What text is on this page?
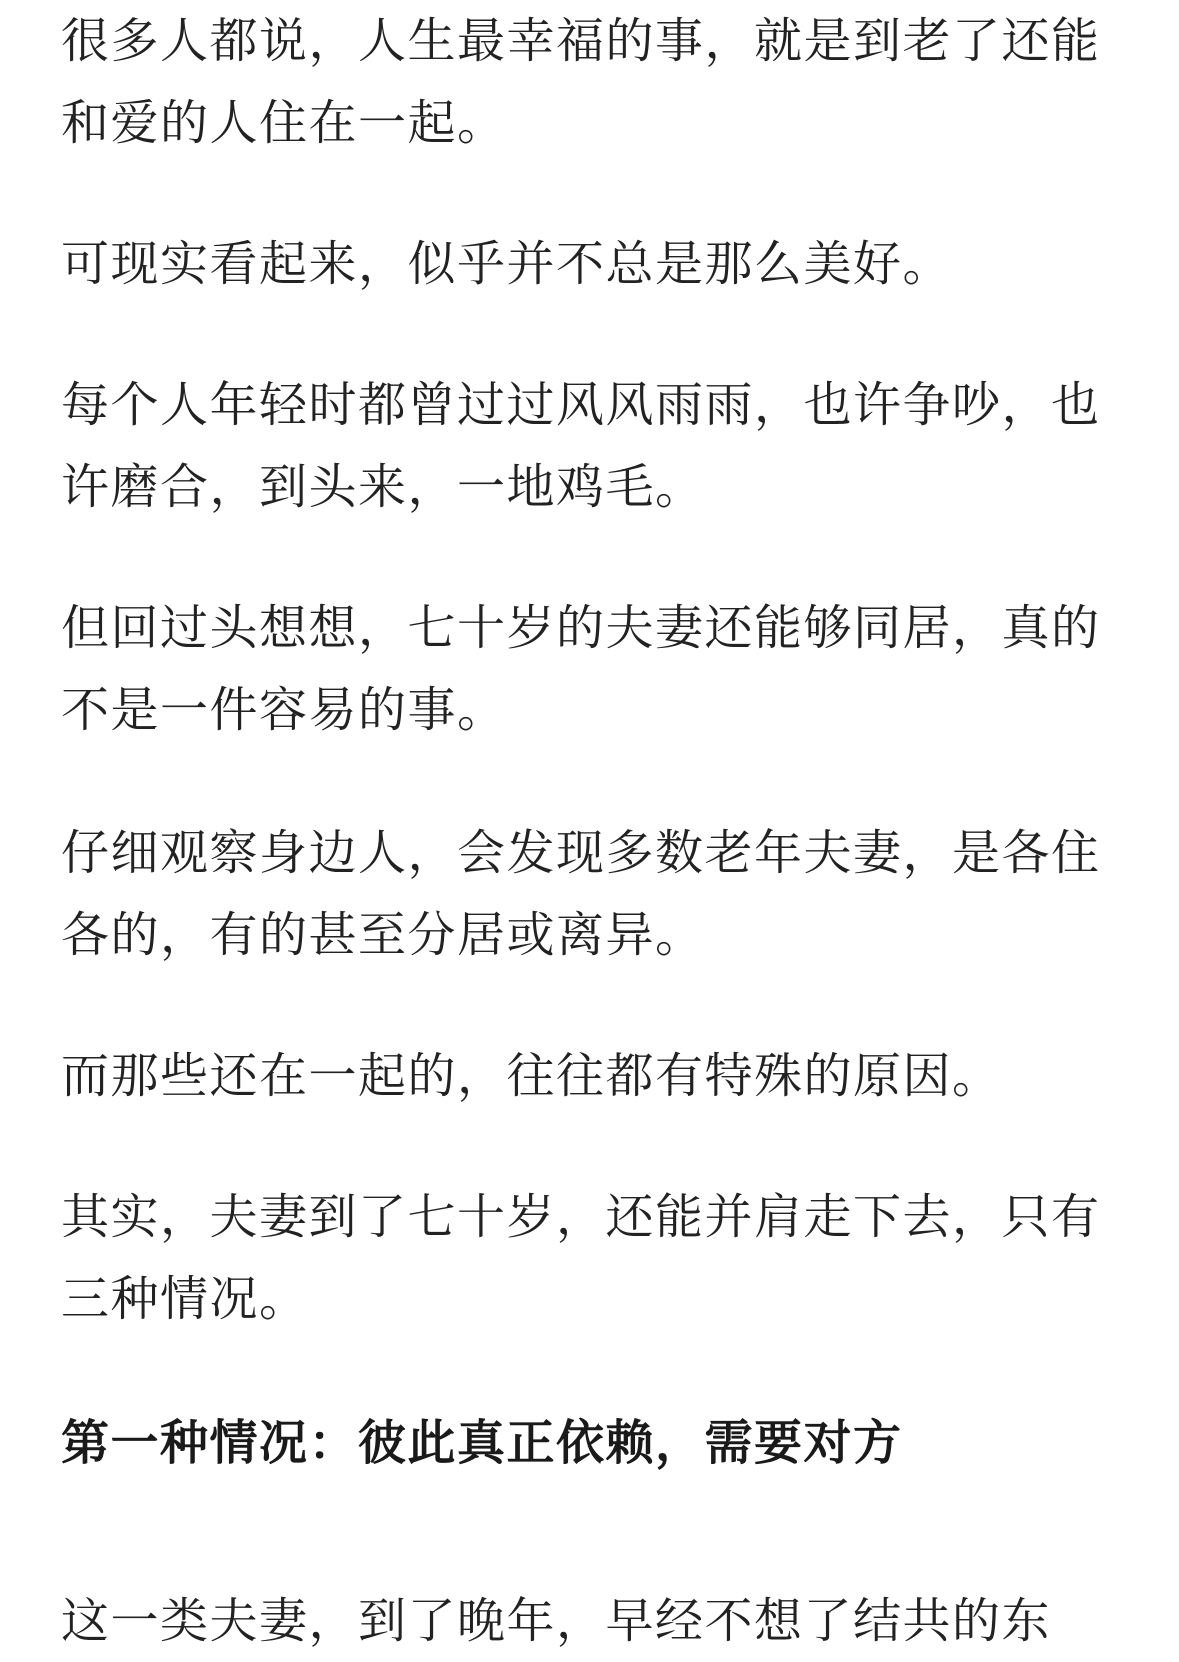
很多人都说，人生最幸福的事，就是到老了还能和爱的人住在一起。

可现实看起来，似乎并不总是那么美好。

每个人年轻时都曾过过风风雨雨，也许争吵，也许磨合，到头来，一地鸡毛。

但回过头想想，七十岁的夫妻还能够同居，真的不是一件容易的事。

仔细观察身边人，会发现多数老年夫妻，是各住各的，有的甚至分居或离异。

而那些还在一起的，往往都有特殊的原因。

其实，夫妻到了七十岁，还能并肩走下去，只有三种情况。

第一种情况：彼此真正依赖，需要对方

这一类夫妻，到了晚年，早经不想了结共的东
